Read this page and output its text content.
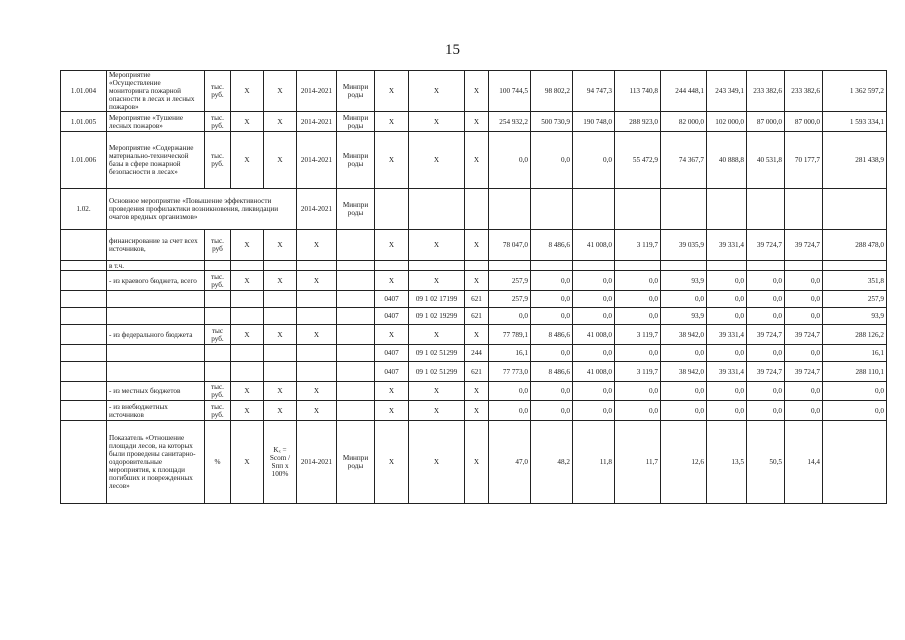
15
1.01.004	Мероприятие «Осуществление мониторинга пожарной опасности в лесах и лесных пожаров»	тыс. руб.	Х	Х	2014-2021	Минпри роды	Х	Х	Х	100 744,5	98 802,2	94 747,3	113 740,8	244 448,1	243 349,1	233 382,6	233 382,6	1 362 597,2
1.01.005	Мероприятие «Тушение лесных пожаров»	тыс. руб.	Х	Х	2014-2021	Минпри роды	Х	Х	Х	254 932,2	500 730,9	190 748,0	288 923,0	82 000,0	102 000,0	87 000,0	87 000,0	1 593 334,1
1.01.006	Мероприятие «Содержание материально-технической базы в сфере пожарной безопасности в лесах»	тыс. руб.	Х	Х	2014-2021	Минпри роды	Х	Х	Х	0,0	0,0	0,0	55 472,9	74 367,7	40 888,8	40 531,8	70 177,7	281 438,9
1.02.	Основное мероприятие «Повышение эффективности проведения профилактики возникновения, ликвидации очагов вредных организмов»				2014-2021	Минпри роды												
	финансирование за счет всех источников,	тыс. руб	Х	Х	Х		Х	Х	Х	78 047,0	8 486,6	41 008,0	3 119,7	39 035,9	39 331,4	39 724,7	39 724,7	288 478,0
	в т.ч.																	
	- из краевого бюджета, всего	тыс. руб.	Х	Х	Х		Х	Х	Х	257,9	0,0	0,0	0,0	93,9	0,0	0,0	0,0	351,8
							0407	09 1 02 17199	621	257,9	0,0	0,0	0,0	0,0	0,0	0,0	0,0	257,9
							0407	09 1 02 19299	621	0,0	0,0	0,0	0,0	93,9	0,0	0,0	0,0	93,9
	- из федерального бюджета	тыс руб.	Х	Х	Х		Х	Х	Х	77 789,1	8 486,6	41 008,0	3 119,7	38 942,0	39 331,4	39 724,7	39 724,7	288 126,2
							0407	09 1 02 51299	244	16,1	0,0	0,0	0,0	0,0	0,0	0,0	0,0	16,1
							0407	09 1 02 51299	621	77 773,0	8 486,6	41 008,0	3 119,7	38 942,0	39 331,4	39 724,7	39 724,7	288 110,1
	- из местных бюджетов	тыс. руб.	Х	Х	Х		Х	Х	Х	0,0	0,0	0,0	0,0	0,0	0,0	0,0	0,0	0,0
	- из внебюджетных источников	тыс. руб.	Х	Х	Х		Х	Х	Х	0,0	0,0	0,0	0,0	0,0	0,0	0,0	0,0	0,0
	Показатель «Отношение площади лесов, на которых были проведены санитарно-оздоровительные мероприятия, к площади погибших и поврежденных лесов»	%	Х	Kₓ = Sсоm / Sпп x 100%	2014-2021	Минпри роды	Х	Х	Х	47,0	48,2	11,8	11,7	12,6	13,5	50,5	14,4	
